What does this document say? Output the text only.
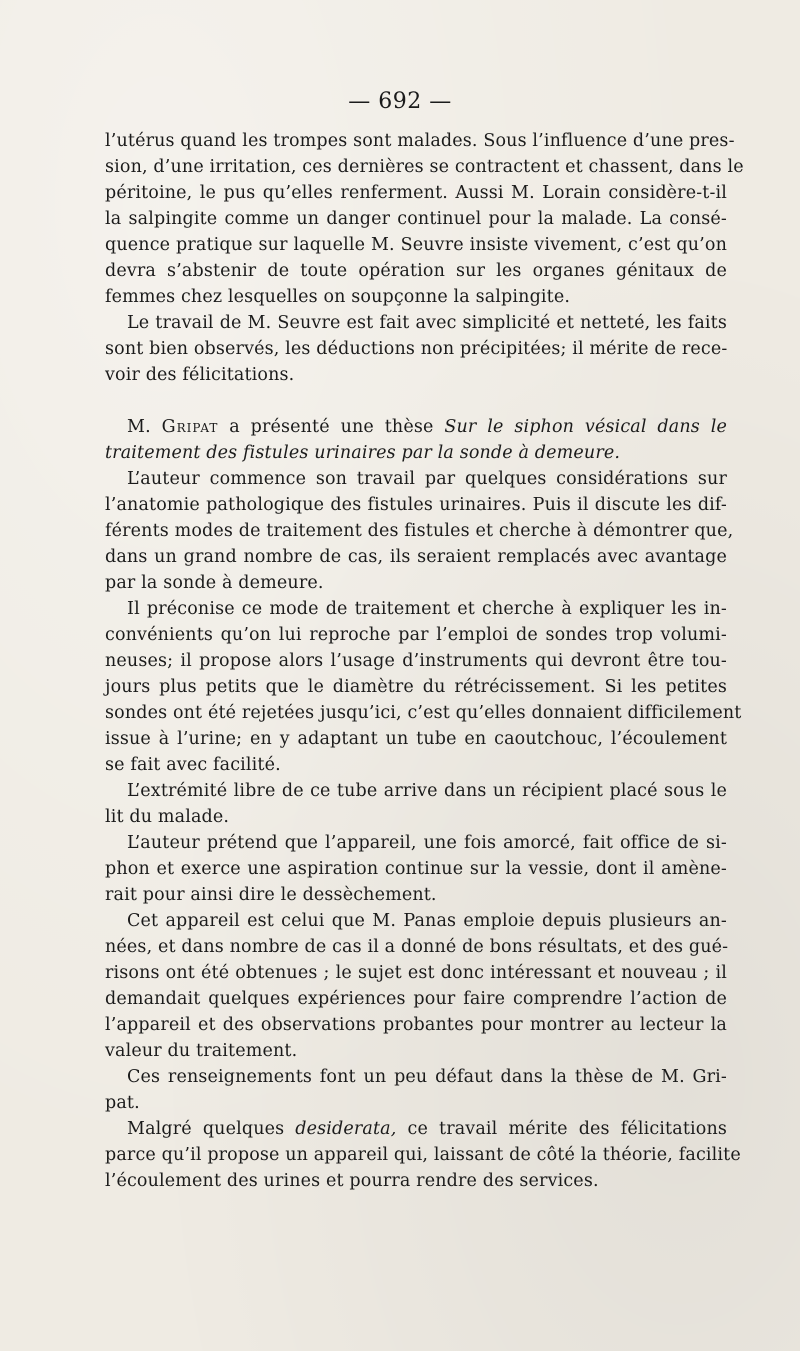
— 692 —
l’utérus quand les trompes sont malades. Sous l’influence d’une pres-
sion, d’une irritation, ces dernières se contractent et chassent, dans le
péritoine, le pus qu’elles renferment. Aussi M. Lorain considère-t-il
la salpingite comme un danger continuel pour la malade. La consé-
quence pratique sur laquelle M. Seuvre insiste vivement, c’est qu’on
devra s’abstenir de toute opération sur les organes génitaux de
femmes chez lesquelles on soupçonne la salpingite.
Le travail de M. Seuvre est fait avec simplicité et netteté, les faits
sont bien observés, les déductions non précipitées; il mérite de rece-
voir des félicitations.
M. Gripat a présenté une thèse Sur le siphon vésical dans le
traitement des fistules urinaires par la sonde à demeure.
L’auteur commence son travail par quelques considérations sur
l’anatomie pathologique des fistules urinaires. Puis il discute les dif-
férents modes de traitement des fistules et cherche à démontrer que,
dans un grand nombre de cas, ils seraient remplacés avec avantage
par la sonde à demeure.
Il préconise ce mode de traitement et cherche à expliquer les in-
convénients qu’on lui reproche par l’emploi de sondes trop volumi-
neuses; il propose alors l’usage d’instruments qui devront être tou-
jours plus petits que le diamètre du rétrécissement. Si les petites
sondes ont été rejetées jusqu’ici, c’est qu’elles donnaient difficilement
issue à l’urine; en y adaptant un tube en caoutchouc, l’écoulement
se fait avec facilité.
L’extrémité libre de ce tube arrive dans un récipient placé sous le
lit du malade.
L’auteur prétend que l’appareil, une fois amorcé, fait office de si-
phon et exerce une aspiration continue sur la vessie, dont il amène-
rait pour ainsi dire le dessèchement.
Cet appareil est celui que M. Panas emploie depuis plusieurs an-
nées, et dans nombre de cas il a donné de bons résultats, et des gué-
risons ont été obtenues ; le sujet est donc intéressant et nouveau ; il
demandait quelques expériences pour faire comprendre l’action de
l’appareil et des observations probantes pour montrer au lecteur la
valeur du traitement.
Ces renseignements font un peu défaut dans la thèse de M. Gri-
pat.
Malgré quelques desiderata, ce travail mérite des félicitations
parce qu’il propose un appareil qui, laissant de côté la théorie, facilite
l’écoulement des urines et pourra rendre des services.
